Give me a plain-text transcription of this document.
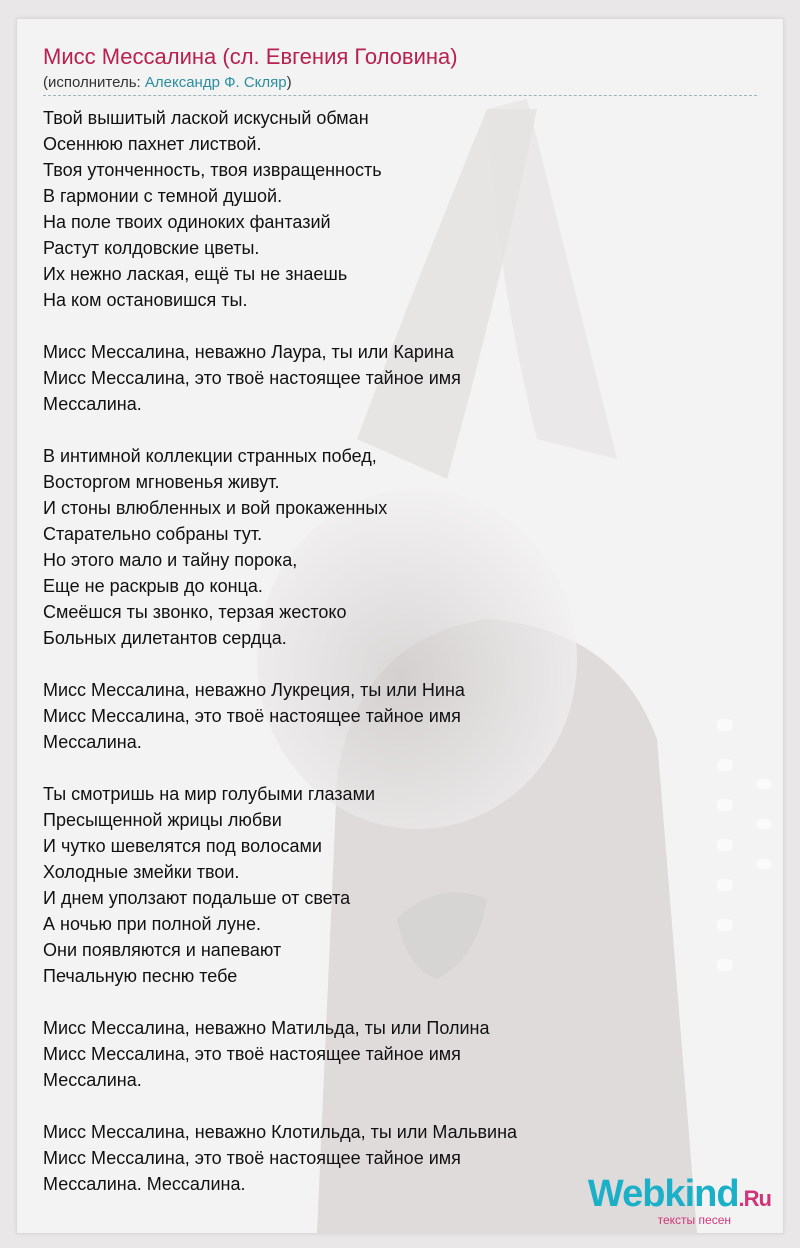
Мисс Мессалина (сл. Евгения Головина)
(исполнитель: Александр Ф. Скляр)
Твой вышитый лаской искусный обман
Осеннюю пахнет листвой.
Твоя утонченность, твоя извращенность
В гармонии с темной душой.
На поле твоих одиноких фантазий
Растут колдовские цветы.
Их нежно лаская, ещё ты не знаешь
На ком остановишся ты.
Мисс Мессалина, неважно Лаура, ты или Карина
Мисс Мессалина, это твоё настоящее тайное имя
Мессалина.
В интимной коллекции странных побед,
Восторгом мгновенья живут.
И стоны влюбленных и вой прокаженных
Старательно собраны тут.
Но этого мало и тайну порока,
Еще не раскрыв до конца.
Смеёшся ты звонко, терзая жестоко
Больных дилетантов сердца.
Мисс Мессалина, неважно Лукреция, ты или Нина
Мисс Мессалина, это твоё настоящее тайное имя
Мессалина.
Ты смотришь на мир голубыми глазами
Пресыщенной жрицы любви
И чутко шевелятся под волосами
Холодные змейки твои.
И днем уползают подальше от света
А ночью при полной луне.
Они появляются и напевают
Печальную песню тебе
Мисс Мессалина, неважно Матильда, ты или Полина
Мисс Мессалина, это твоё настоящее тайное имя
Мессалина.
Мисс Мессалина, неважно Клотильда, ты или Мальвина
Мисс Мессалина, это твоё настоящее тайное имя
Мессалина. Мессалина.	Webkind.Ru
тексты песен
